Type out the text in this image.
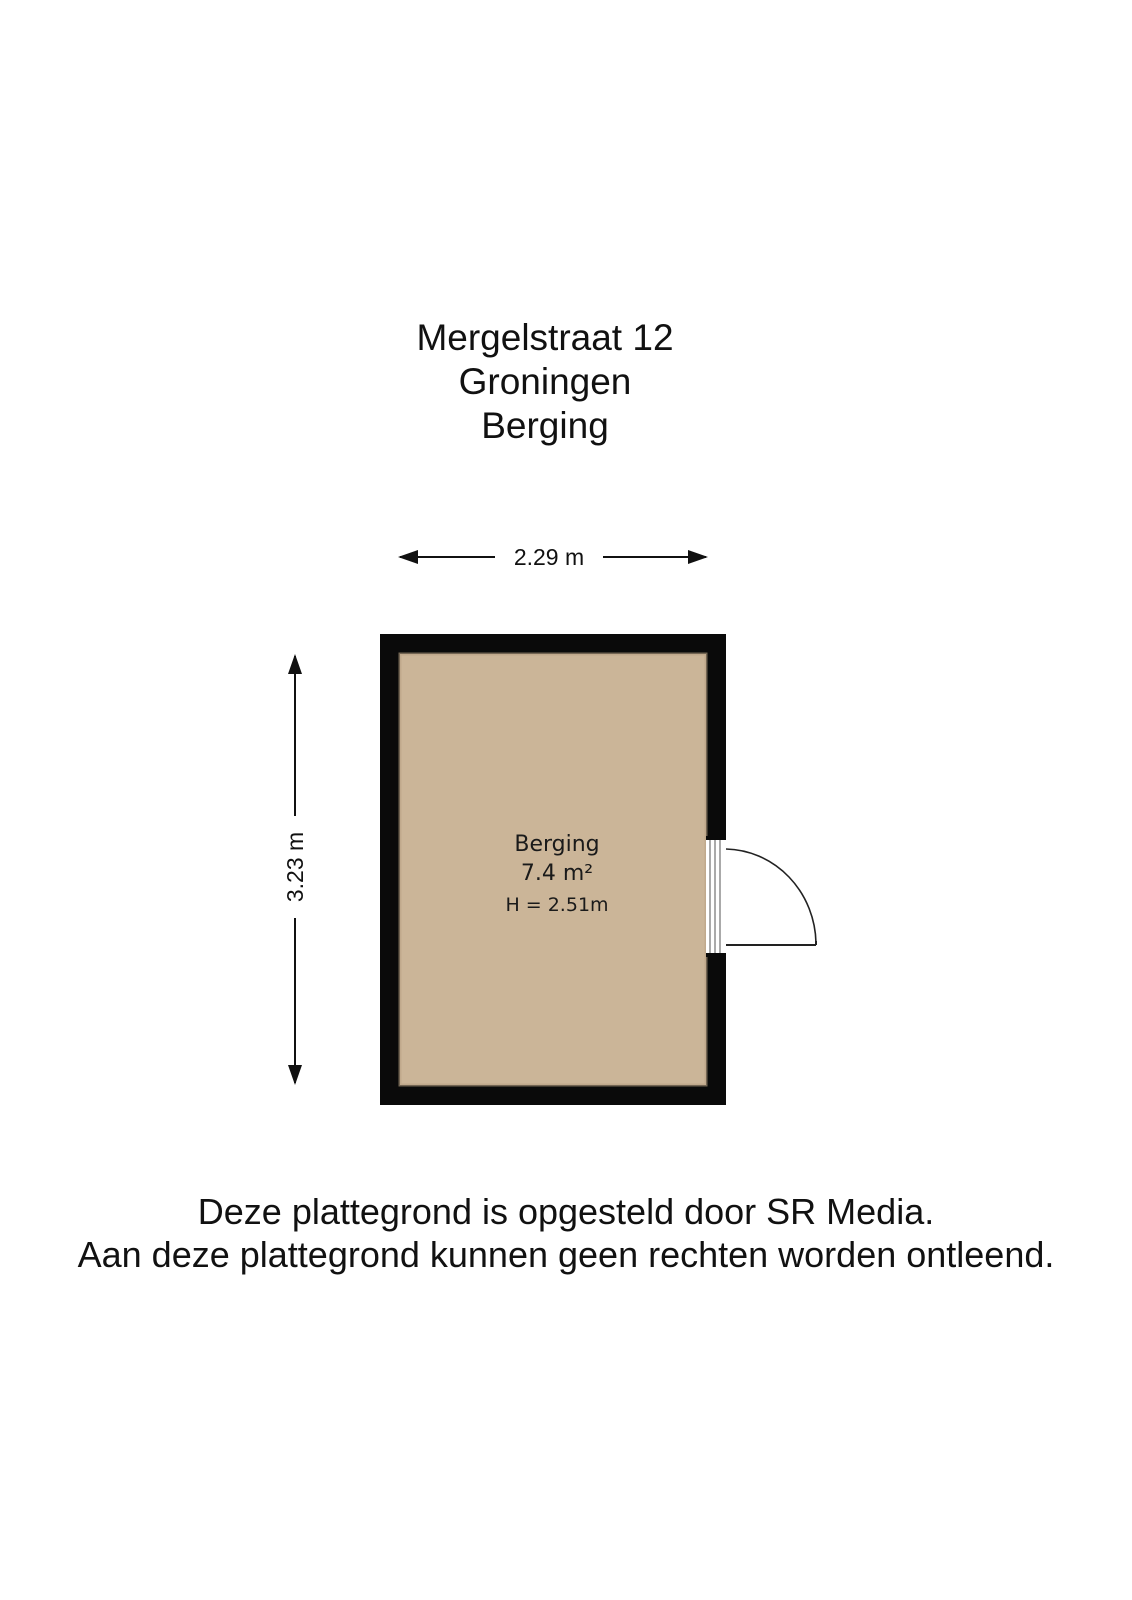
Mergelstraat 12
Groningen
Berging
2.29 m
3.23 m	Berging
7.4 m²
H = 2.51m
Deze plattegrond is opgesteld door SR Media.
Aan deze plattegrond kunnen geen rechten worden ontleend.
